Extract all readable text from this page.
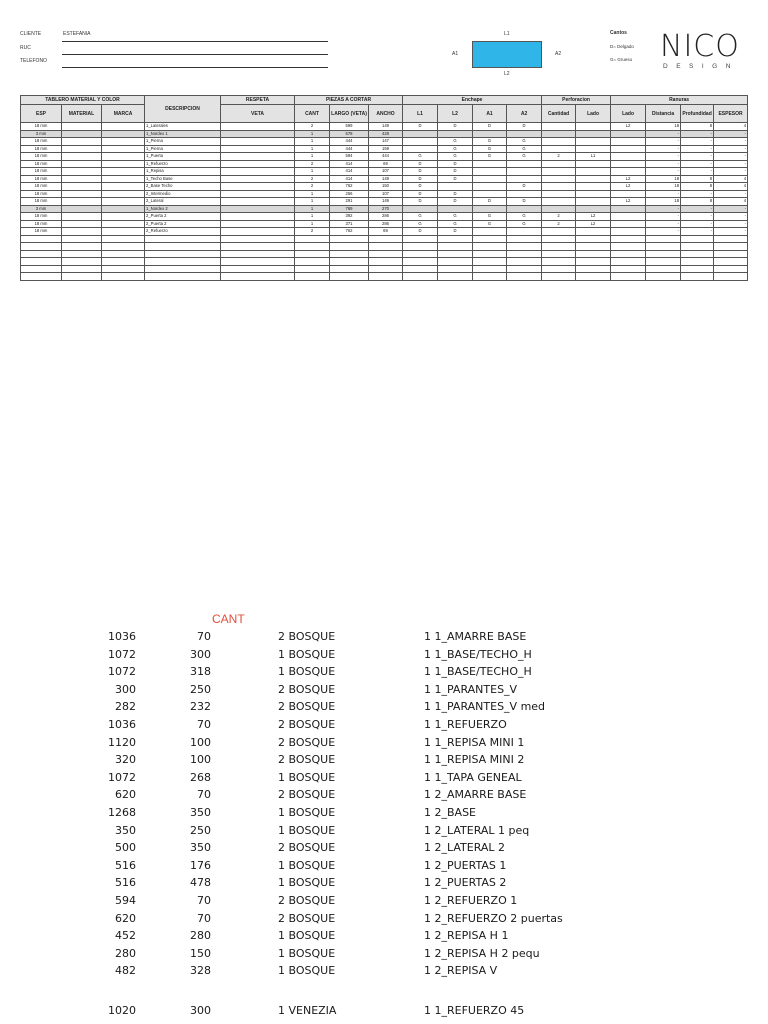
CLIENTE	ESTEFANIA
RUC
TELEFONO
L1
A1	A2
L2
Cantos
D= Delgado
G= Grueso NICO
DESIGN
TABLERO MATERIAL Y COLOR			DESCRIPCION	RESPETA	PIEZAS A CORTAR			Enchape				Perforacion		Ranuras			
ESP	MATERIAL	MARCA		VETA	CANT	LARGO (VETA)	ANCHO	L1	L2	A1	A2	Cantidad	Lado	Lado	Distancia	Profundidad	ESPESOR
18 mm			1_Laterales		2	599	149	D	D	D	D			L2	18	8	4
3 mm			1_Nordex 1		1	578	428								-	-	-
18 mm			1_Pierna		1	444	147		G	G	G				-	-	-
18 mm			1_Pierna		1	444	159		G	G	G				-	-	-
18 mm			1_Puerta		1	594	444	G	G	G	G	2	L1		-	-	-
18 mm			1_Refuerzo		2	414	69	D	D						-	-	-
18 mm			1_Repisa		1	414	107	D	D						-	-	-
18 mm			1_Techo Base		2	414	149	D	D					L2	18	8	4
18 mm			2_Base Techo		2	762	150	D			D			L2	18	8	4
18 mm			2_Intermedio		1	256	107	D	D						-	-	-
18 mm			2_Lateral		1	291	149	D	D	D	D			L2	18	8	4
3 mm			1_Nordex 2		1	769	270								-	-	-
18 mm			2_Puerta 2		1	392	286	G	G	G	G	2	L2		-	-	-
18 mm			2_Puerta 2		1	371	286	G	G	G	G	2	L2		-	-	-
18 mm			2_Refuerzo		2	762	69	D	D						-	-	-

CANT
1036	70	2 BOSQUE	1 1_AMARRE BASE
1072	300	1 BOSQUE	1 1_BASE/TECHO_H
1072	318	1 BOSQUE	1 1_BASE/TECHO_H
300	250	2 BOSQUE	1 1_PARANTES_V
282	232	2 BOSQUE	1 1_PARANTES_V med
1036	70	2 BOSQUE	1 1_REFUERZO
1120	100	2 BOSQUE	1 1_REPISA MINI 1
320	100	2 BOSQUE	1 1_REPISA MINI 2
1072	268	1 BOSQUE	1 1_TAPA GENEAL
620	70	2 BOSQUE	1 2_AMARRE BASE
1268	350	1 BOSQUE	1 2_BASE
350	250	1 BOSQUE	1 2_LATERAL 1 peq
500	350	2 BOSQUE	1 2_LATERAL 2
516	176	1 BOSQUE	1 2_PUERTAS 1
516	478	1 BOSQUE	1 2_PUERTAS 2
594	70	2 BOSQUE	1 2_REFUERZO 1
620	70	2 BOSQUE	1 2_REFUERZO 2 puertas
452	280	1 BOSQUE	1 2_REPISA H 1
280	150	1 BOSQUE	1 2_REPISA H 2 pequ
482	328	1 BOSQUE	1 2_REPISA V
1020	300	1 VENEZIA	1 1_REFUERZO 45
